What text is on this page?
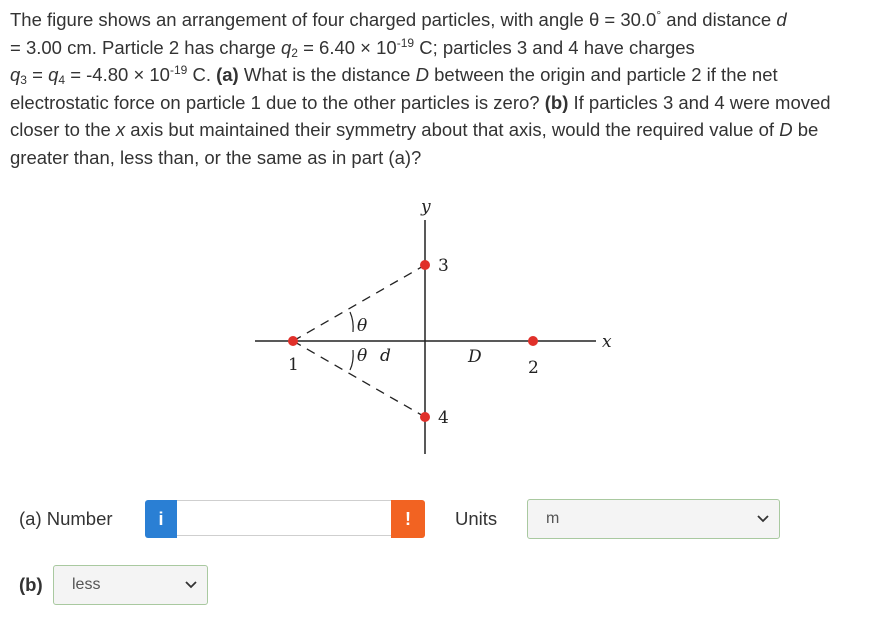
The figure shows an arrangement of four charged particles, with angle θ = 30.0° and distance d
= 3.00 cm. Particle 2 has charge $q_2 = 6.40 \times 10^{-19}$ C; particles 3 and 4 have charges
$q_3 = q_4 = -4.80 \times 10^{-19}$ C. (a) What is the distance D between the origin and particle 2 if the net electrostatic force on particle 1 due to the other particles is zero? (b) If particles 3 and 4 were moved closer to the x axis but maintained their symmetry about that axis, would the required value of D be greater than, less than, or the same as in part (a)?
y
x
1	2
3
4
θ
θ d	D
(a) Number	i	!	Units	m
(b) less
